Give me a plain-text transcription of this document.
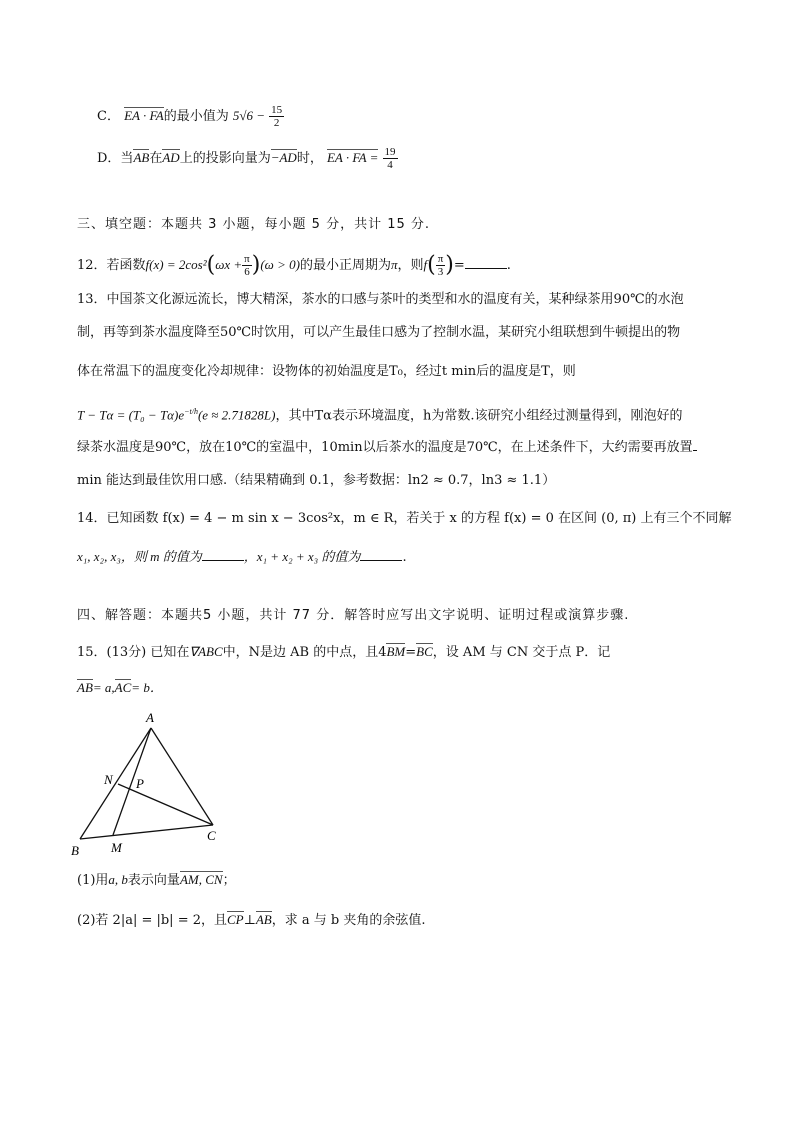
C． EA · FA的最小值为 $5√6 - \frac{15}{2}$
D．当AB在AD上的投影向量为−AD时， EA · FA = $\frac{19}{4}$
三、填空题：本题共 3 小题，每小题 5 分，共计 15 分.
12．若函数$f(x) = 2\cos^2(\omega x + \frac{\pi}{6} )(\omega > 0)$的最小正周期为π，则$f( \frac{\pi}{3}$ )=	.
13．中国茶文化源远流长，博大精深，茶水的口感与茶叶的类型和水的温度有关，某种绿茶用90℃的水泡
制，再等到茶水温度降至50℃时饮用，可以产生最佳口感为了控制水温，某研究小组联想到牛顿提出的物
体在常温下的温度变化冷却规律：设物体的初始温度是T₀，经过t min后的温度是T，则
$T - T\alpha = (T_0 - T\alpha)e^{-t/h}(e \approx 2.71828L)$，其中Tα表示环境温度，h为常数.该研究小组经过测量得到，刚泡好的
绿茶水温度是90℃，放在10℃的室温中，10min以后茶水的温度是70℃，在上述条件下，大约需要再放置
min 能达到最佳饮用口感.（结果精确到 0.1，参考数据：ln2 ≈ 0.7，ln3 ≈ 1.1）
14．已知函数 f(x) = 4 − m sin x − 3cos²x，m ∈ R，若关于 x 的方程 f(x) = 0 在区间 (0, π) 上有三个不同解
x₁, x₂, x₃，则 m 的值为	，x₁ + x₂ + x₃ 的值为	.
四、解答题：本题共5 小题，共计 77 分．解答时应写出文字说明、证明过程或演算步骤.
15．(13分) 已知在∇ABC中，N是边 AB 的中点，且4BM=BC，设 AM 与 CN 交于点 P．记
AB= a,AC= b．
A
B
C
N P
M
(1)用a, b表示向量AM, CN；
(2)若 2|a| = |b| = 2，且CP⊥AB，求 a 与 b 夹角的余弦值.
